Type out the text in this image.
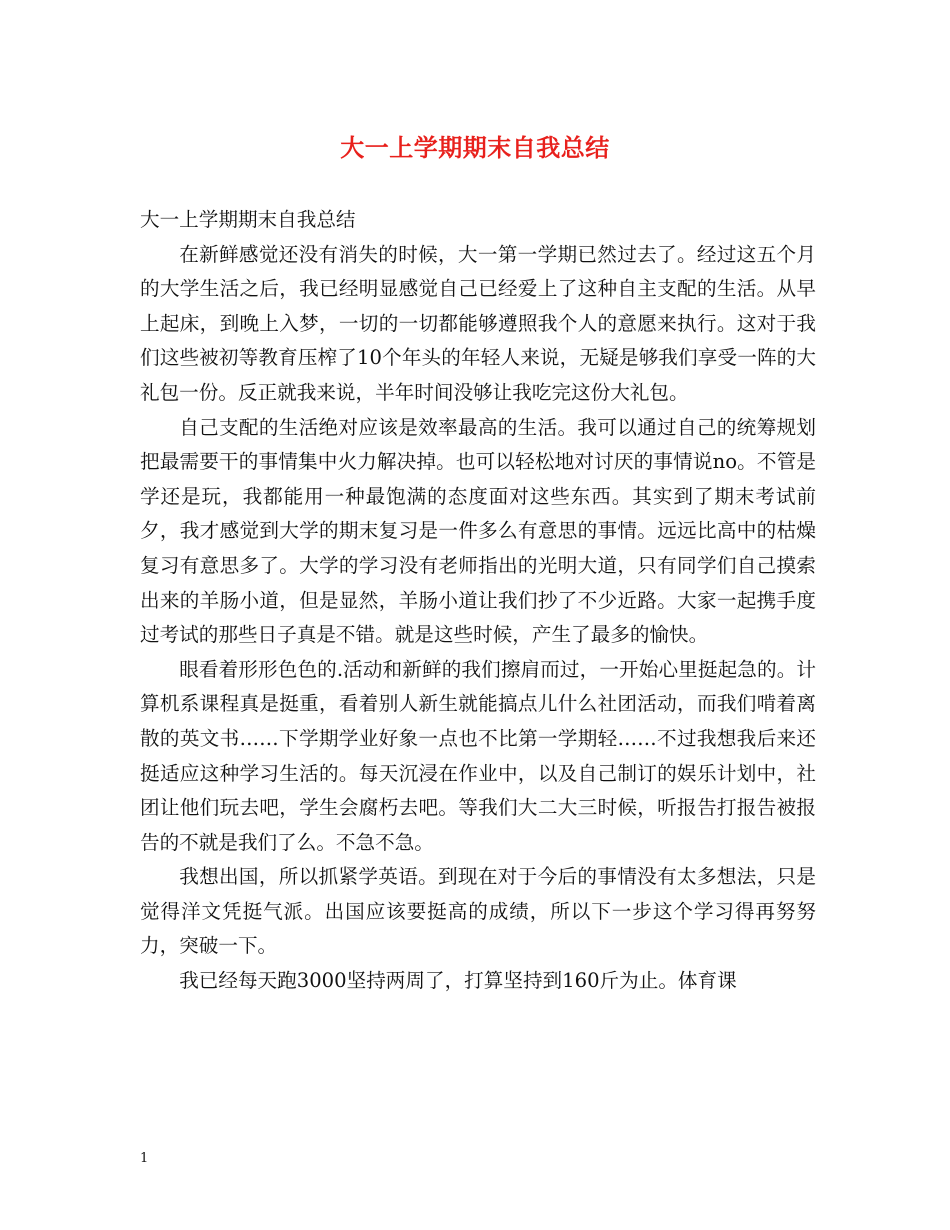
大一上学期期末自我总结

大一上学期期末自我总结

在新鲜感觉还没有消失的时候，大一第一学期已然过去了。经过这五个月的大学生活之后，我已经明显感觉自己已经爱上了这种自主支配的生活。从早上起床，到晚上入梦，一切的一切都能够遵照我个人的意愿来执行。这对于我们这些被初等教育压榨了10个年头的年轻人来说，无疑是够我们享受一阵的大礼包一份。反正就我来说，半年时间没够让我吃完这份大礼包。

自己支配的生活绝对应该是效率最高的生活。我可以通过自己的统筹规划把最需要干的事情集中火力解决掉。也可以轻松地对讨厌的事情说no。不管是学还是玩，我都能用一种最饱满的态度面对这些东西。其实到了期末考试前夕，我才感觉到大学的期末复习是一件多么有意思的事情。远远比高中的枯燥复习有意思多了。大学的学习没有老师指出的光明大道，只有同学们自己摸索出来的羊肠小道，但是显然，羊肠小道让我们抄了不少近路。大家一起携手度过考试的那些日子真是不错。就是这些时候，产生了最多的愉快。

眼看着形形色色的.活动和新鲜的我们擦肩而过，一开始心里挺起急的。计算机系课程真是挺重，看着别人新生就能搞点儿什么社团活动，而我们啃着离散的英文书……下学期学业好象一点也不比第一学期轻……不过我想我后来还挺适应这种学习生活的。每天沉浸在作业中，以及自己制订的娱乐计划中，社团让他们玩去吧，学生会腐朽去吧。等我们大二大三时候，听报告打报告被报告的不就是我们了么。不急不急。

我想出国，所以抓紧学英语。到现在对于今后的事情没有太多想法，只是觉得洋文凭挺气派。出国应该要挺高的成绩，所以下一步这个学习得再努努力，突破一下。

我已经每天跑3000坚持两周了，打算坚持到160斤为止。体育课

1
